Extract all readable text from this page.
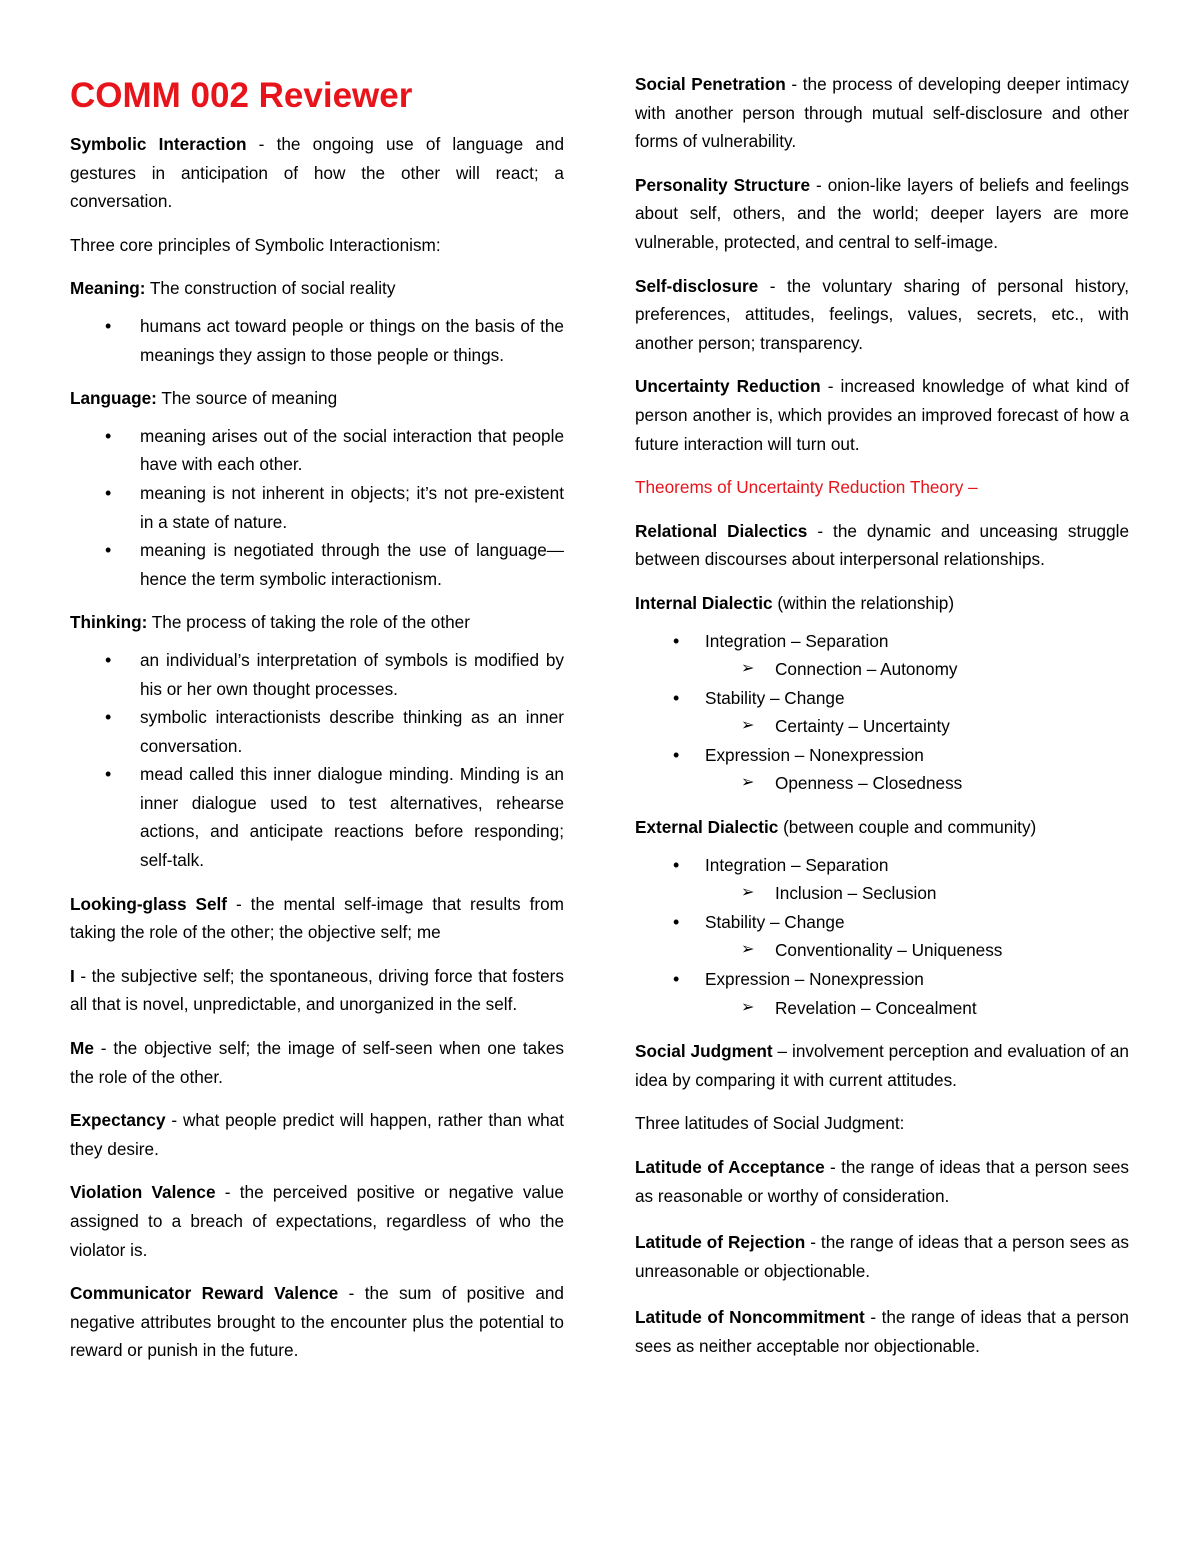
COMM 002 Reviewer

Symbolic Interaction - the ongoing use of language and gestures in anticipation of how the other will react; a conversation.

Three core principles of Symbolic Interactionism:

Meaning: The construction of social reality

• humans act toward people or things on the basis of the meanings they assign to those people or things.

Language: The source of meaning

• meaning arises out of the social interaction that people have with each other.
• meaning is not inherent in objects; it’s not pre-existent in a state of nature.
• meaning is negotiated through the use of language—hence the term symbolic interactionism.

Thinking: The process of taking the role of the other

• an individual’s interpretation of symbols is modified by his or her own thought processes.
• symbolic interactionists describe thinking as an inner conversation.
• mead called this inner dialogue minding. Minding is an inner dialogue used to test alternatives, rehearse actions, and anticipate reactions before responding; self-talk.

Looking-glass Self - the mental self-image that results from taking the role of the other; the objective self; me

I - the subjective self; the spontaneous, driving force that fosters all that is novel, unpredictable, and unorganized in the self.

Me - the objective self; the image of self-seen when one takes the role of the other.

Expectancy - what people predict will happen, rather than what they desire.

Violation Valence - the perceived positive or negative value assigned to a breach of expectations, regardless of who the violator is.

Communicator Reward Valence - the sum of positive and negative attributes brought to the encounter plus the potential to reward or punish in the future.

Social Penetration - the process of developing deeper intimacy with another person through mutual self-disclosure and other forms of vulnerability.

Personality Structure - onion-like layers of beliefs and feelings about self, others, and the world; deeper layers are more vulnerable, protected, and central to self-image.

Self-disclosure - the voluntary sharing of personal history, preferences, attitudes, feelings, values, secrets, etc., with another person; transparency.

Uncertainty Reduction - increased knowledge of what kind of person another is, which provides an improved forecast of how a future interaction will turn out.

Theorems of Uncertainty Reduction Theory –

Relational Dialectics - the dynamic and unceasing struggle between discourses about interpersonal relationships.

Internal Dialectic (within the relationship)

• Integration – Separation
➢ Connection – Autonomy
• Stability – Change
➢ Certainty – Uncertainty
• Expression – Nonexpression
➢ Openness – Closedness

External Dialectic (between couple and community)

• Integration – Separation
➢ Inclusion – Seclusion
• Stability – Change
➢ Conventionality – Uniqueness
• Expression – Nonexpression
➢ Revelation – Concealment

Social Judgment – involvement perception and evaluation of an idea by comparing it with current attitudes.

Three latitudes of Social Judgment:

Latitude of Acceptance - the range of ideas that a person sees as reasonable or worthy of consideration.

Latitude of Rejection - the range of ideas that a person sees as unreasonable or objectionable.

Latitude of Noncommitment - the range of ideas that a person sees as neither acceptable nor objectionable.
